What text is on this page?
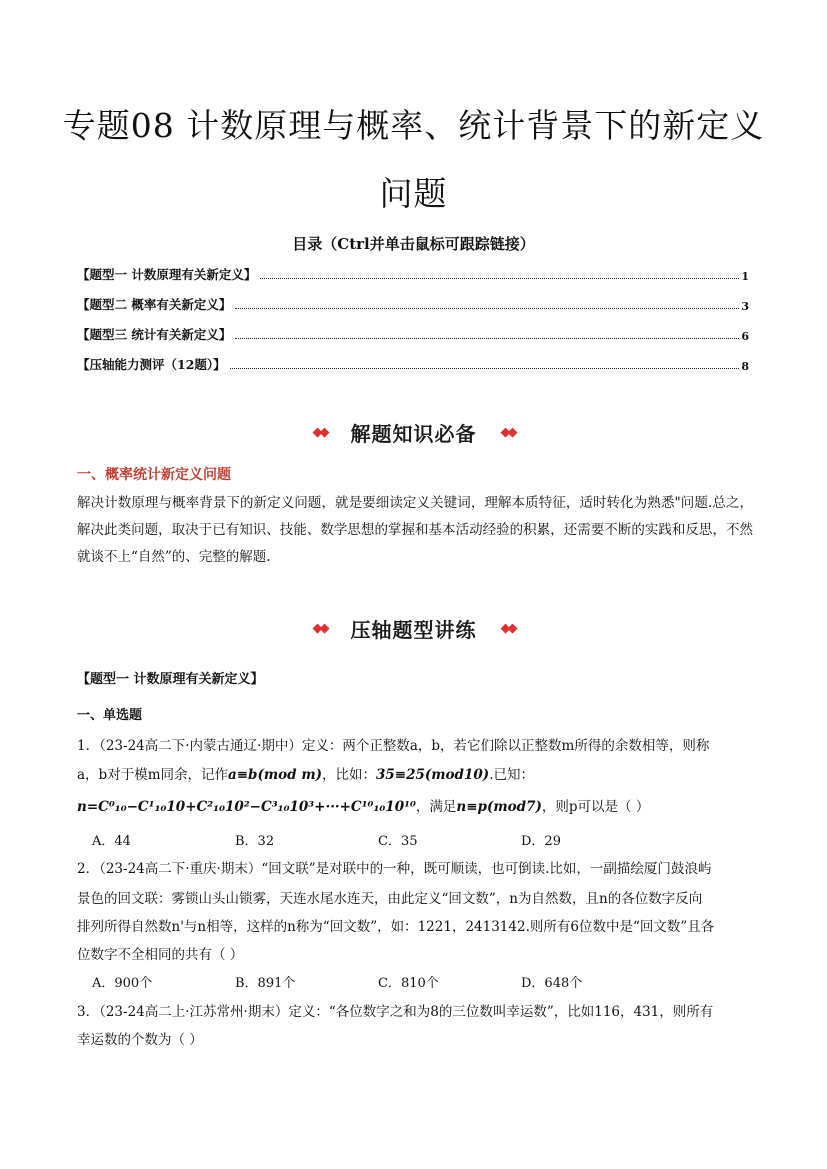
专题08 计数原理与概率、统计背景下的新定义
问题
目录（Ctrl并单击鼠标可跟踪链接）
【题型一 计数原理有关新定义】	1
【题型二 概率有关新定义】	3
【题型三 统计有关新定义】	6
【压轴能力测评（12题）】	8
◆◆	解题知识必备	◆◆
一、概率统计新定义问题
解决计数原理与概率背景下的新定义问题，就是要细读定义关键词，理解本质特征，适时转化为熟悉"问题.总之，解决此类问题，取决于已有知识、技能、数学思想的掌握和基本活动经验的积累，还需要不断的实践和反思，不然就谈不上“自然”的、完整的解题.
◆◆	压轴题型讲练	◆◆
【题型一 计数原理有关新定义】
一、单选题
1．（23-24高二下·内蒙古通辽·期中）定义：两个正整数a，b，若它们除以正整数m所得的余数相等，则称
a，b对于模m同余，记作a≡b(mod m)，比如：35≡25(mod10).已知：
n=C⁰₁₀−C¹₁₀10+C²₁₀10²−C³₁₀10³+···+C¹⁰₁₀10¹⁰，满足n≡p(mod7)，则p可以是（ ）
A．44	B．32	C．35	D．29
2．（23-24高二下·重庆·期末）“回文联”是对联中的一种，既可顺读，也可倒读.比如，一副描绘厦门鼓浪屿
景色的回文联：雾锁山头山锁雾，天连水尾水连天，由此定义“回文数”，n为自然数，且n的各位数字反向
排列所得自然数n'与n相等，这样的n称为“回文数”，如：1221，2413142.则所有6位数中是“回文数”且各
位数字不全相同的共有（ ）
A．900个	B．891个	C．810个	D．648个
3．（23-24高二上·江苏常州·期末）定义：“各位数字之和为8的三位数叫幸运数”，比如116，431，则所有
幸运数的个数为（ ）
